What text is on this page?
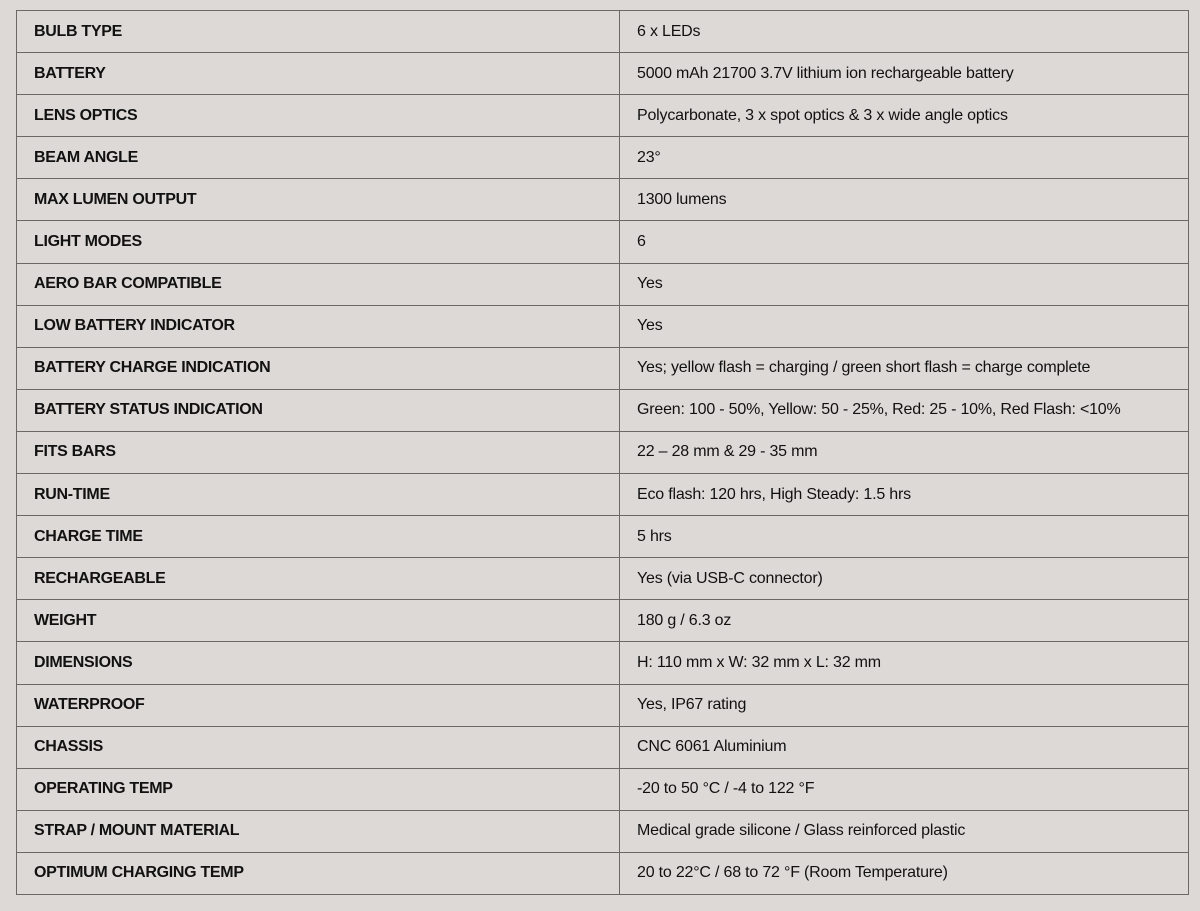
BULB TYPE	6 x LEDs
BATTERY	5000 mAh 21700 3.7V lithium ion rechargeable battery
LENS OPTICS	Polycarbonate, 3 x spot optics & 3 x wide angle optics
BEAM ANGLE	23°
MAX LUMEN OUTPUT	1300 lumens
LIGHT MODES	6
AERO BAR COMPATIBLE	Yes
LOW BATTERY INDICATOR	Yes
BATTERY CHARGE INDICATION	Yes; yellow flash = charging / green short flash = charge complete
BATTERY STATUS INDICATION	Green: 100 - 50%, Yellow: 50 - 25%, Red: 25 - 10%, Red Flash: <10%
FITS BARS	22 – 28 mm & 29 - 35 mm
RUN-TIME	Eco flash: 120 hrs, High Steady: 1.5 hrs
CHARGE TIME	5 hrs
RECHARGEABLE	Yes (via USB-C connector)
WEIGHT	180 g / 6.3 oz
DIMENSIONS	H: 110 mm x W: 32 mm x L: 32 mm
WATERPROOF	Yes, IP67 rating
CHASSIS	CNC 6061 Aluminium
OPERATING TEMP	-20 to 50 °C / -4 to 122 °F
STRAP / MOUNT MATERIAL	Medical grade silicone / Glass reinforced plastic
OPTIMUM CHARGING TEMP	20 to 22°C / 68 to 72 °F (Room Temperature)
